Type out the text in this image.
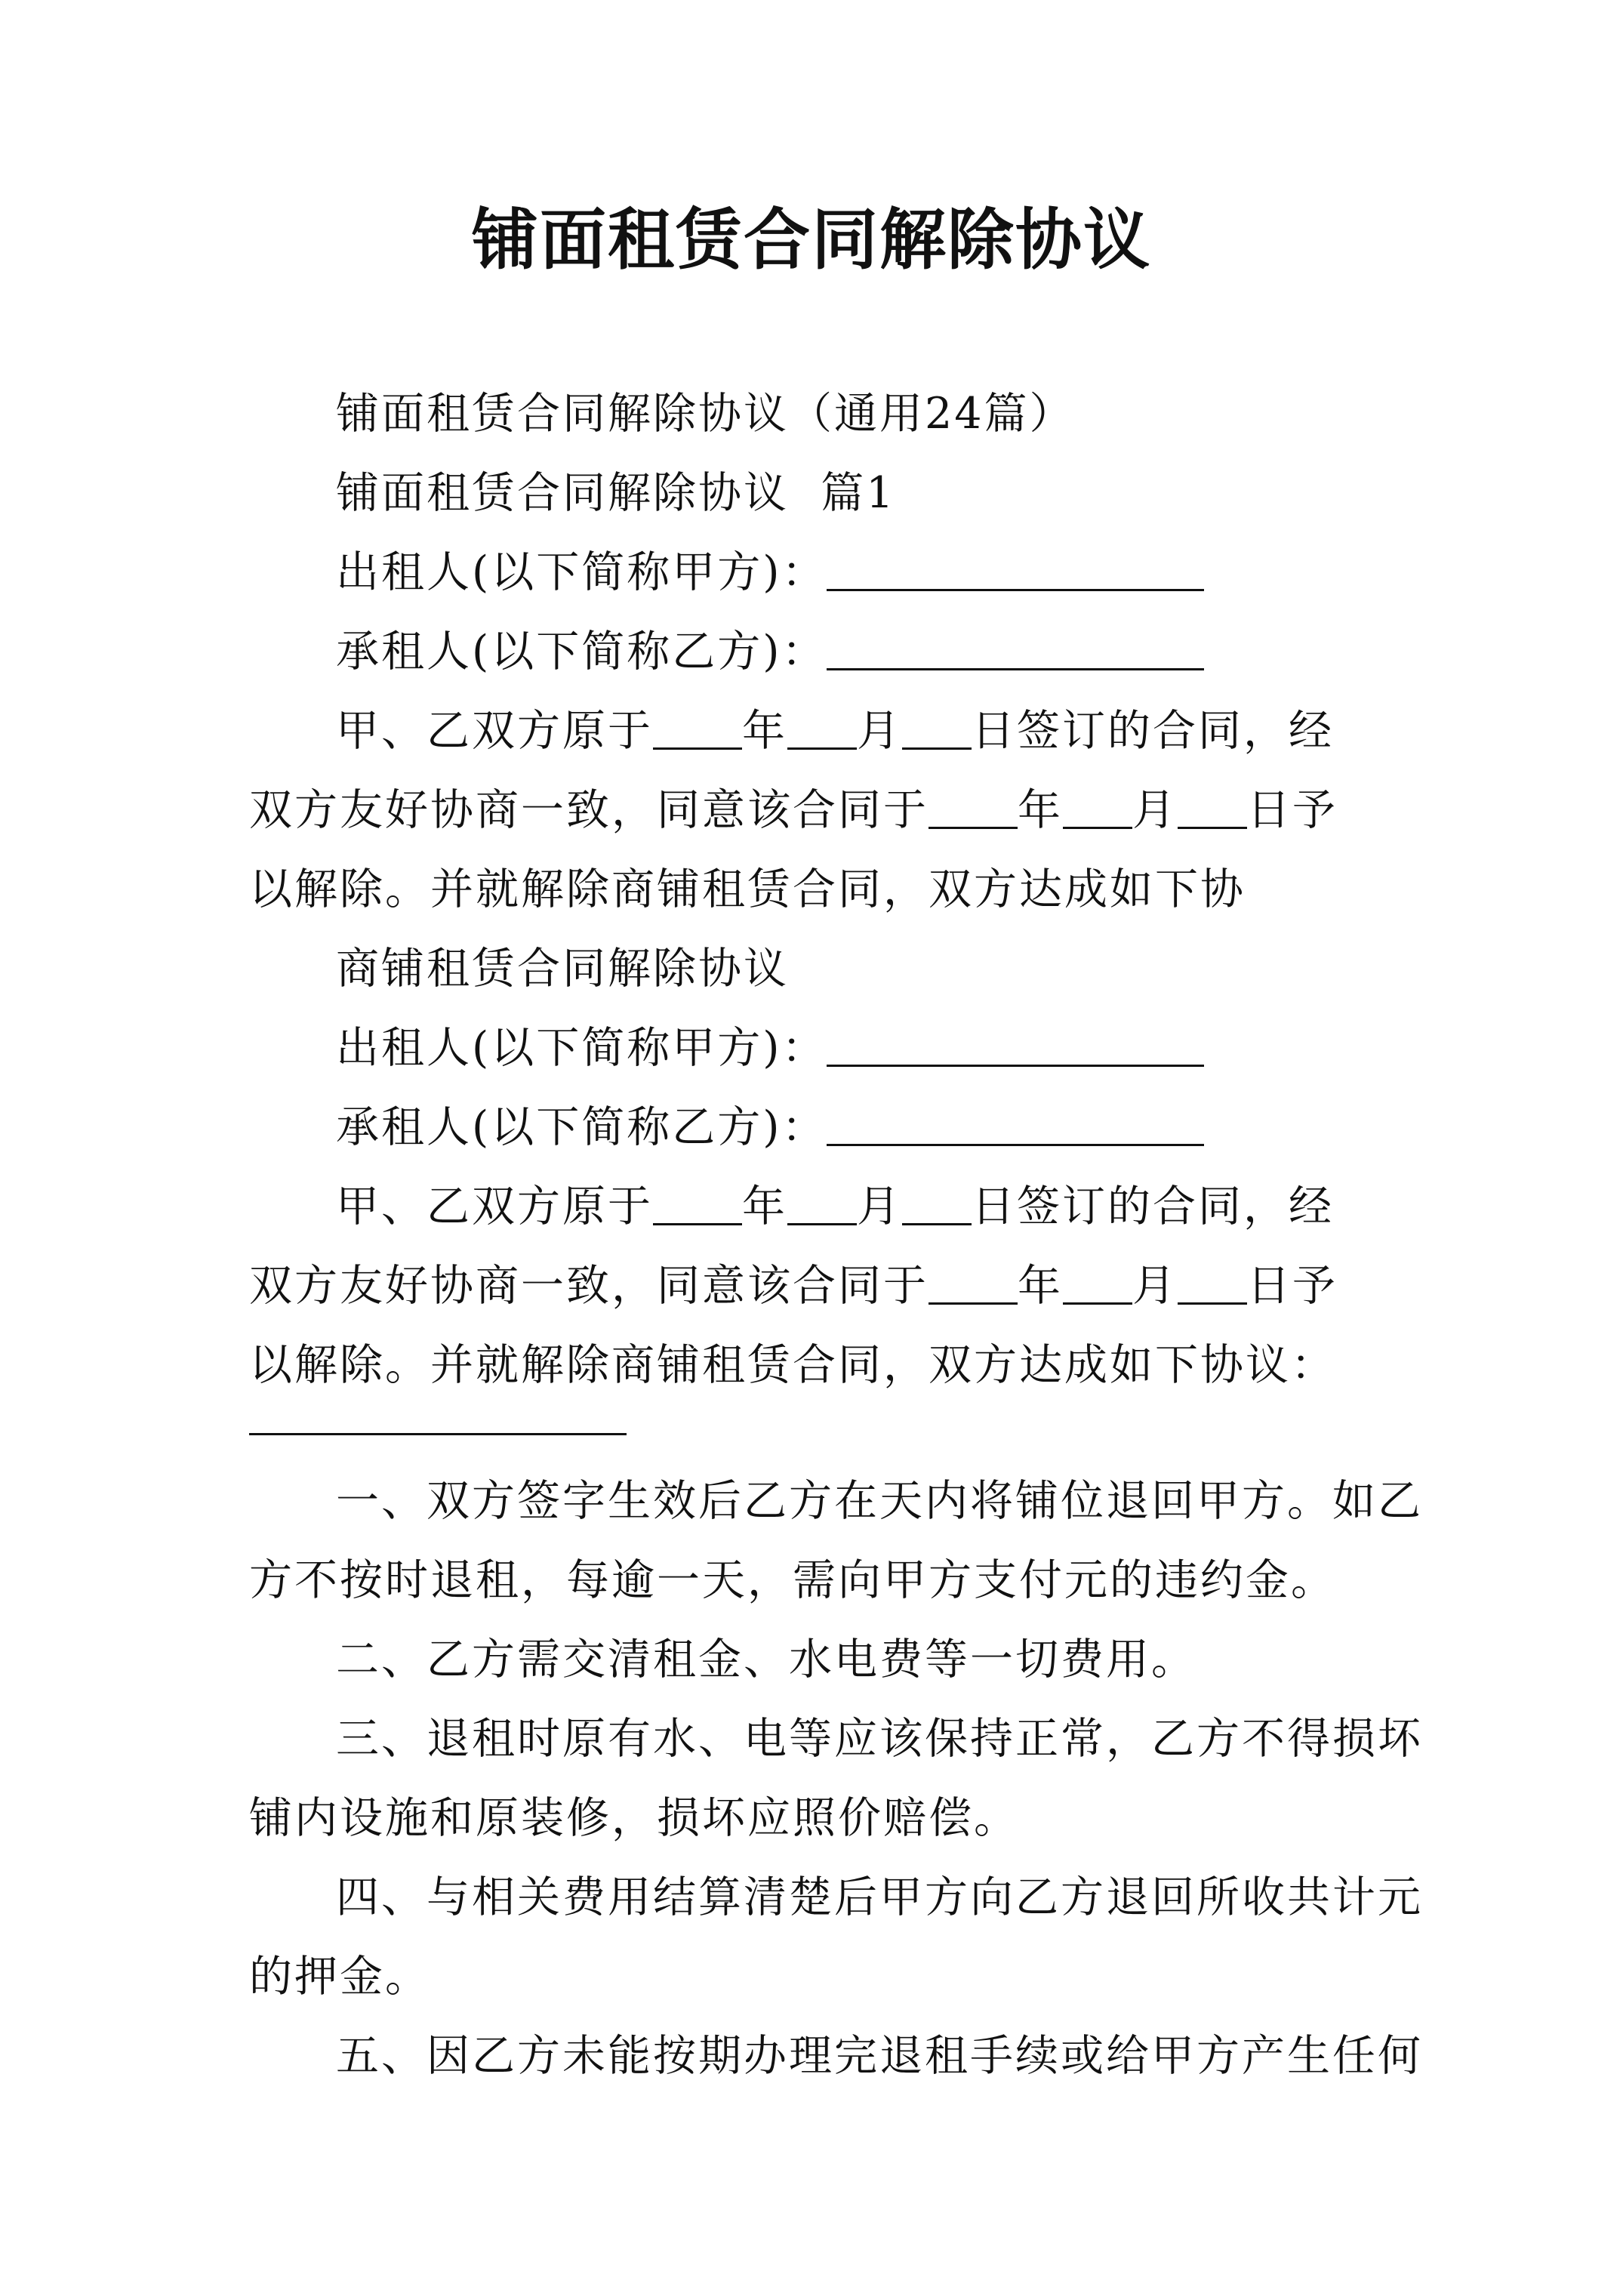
铺面租赁合同解除协议
铺面租赁合同解除协议（通用24篇）
铺面租赁合同解除协议  篇1
出租人(以下简称甲方)：
承租人(以下简称乙方)：
甲、乙双方原于 年 月 日签订的合同，经
双方友好协商一致，同意该合同于 年 月 日予
以解除。并就解除商铺租赁合同，双方达成如下协
商铺租赁合同解除协议
出租人(以下简称甲方)：
承租人(以下简称乙方)：
甲、乙双方原于 年 月 日签订的合同，经
双方友好协商一致，同意该合同于 年 月 日予
以解除。并就解除商铺租赁合同，双方达成如下协议：
一、双方签字生效后乙方在天内将铺位退回甲方。如乙
方不按时退租，每逾一天，需向甲方支付元的违约金。
二、乙方需交清租金、水电费等一切费用。
三、退租时原有水、电等应该保持正常，乙方不得损坏
铺内设施和原装修，损坏应照价赔偿。
四、与相关费用结算清楚后甲方向乙方退回所收共计元
的押金。
五、因乙方未能按期办理完退租手续或给甲方产生任何
